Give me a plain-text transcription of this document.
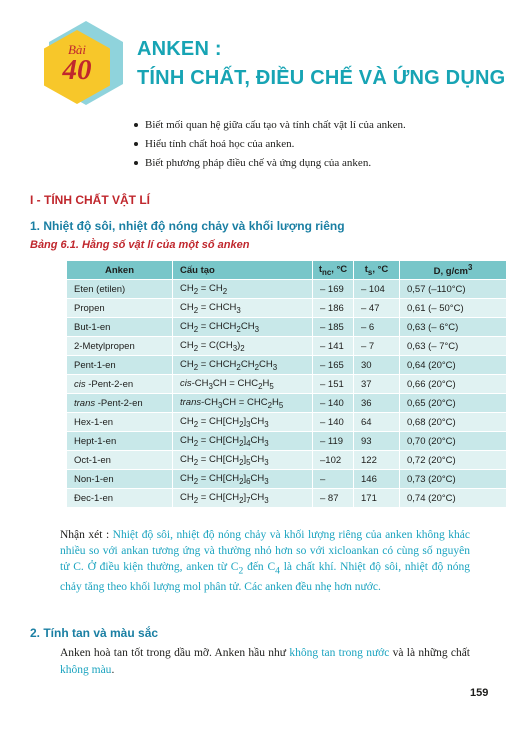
Bài
40
ANKEN :
TÍNH CHẤT, ĐIỀU CHẾ VÀ ỨNG DỤNG
Biết mối quan hệ giữa cấu tạo và tính chất vật lí của anken.
Hiểu tính chất hoá học của anken.
Biết phương pháp điều chế và ứng dụng của anken.
I - TÍNH CHẤT VẬT LÍ
1. Nhiệt độ sôi, nhiệt độ nóng chảy và khối lượng riêng
Bảng 6.1. Hằng số vật lí của một số anken
Anken	Cấu tạo	$t_{nc}$, °C	$t_s$, °C	D, $g/cm^3$
Eten (etilen)	$CH_2 = CH_2$	– 169	– 104	0,57 (–110°C)
Propen	$CH_2$ = $CHCH_3$	– 186	– 47	0,61 (– 50°C)
But-1-en	$CH_2$ = $CHCH_2CH_3$	– 185	– 6	0,63 (– 6°C)
2-Metylpropen	$CH_2 = C(CH_3)_2$	– 141	– 7	0,63 (– 7°C)
Pent-1-en	$CH_2$ = $CHCH_2CH_2CH_3$	– 165	30	0,64 (20°C)
cis -Pent-2-en	cis-$CH_3CH = CHC_2H_5$	– 151	37	0,66 (20°C)
trans -Pent-2-en	trans-$CH_3CH = CHC_2H_5$	– 140	36	0,65 (20°C)
Hex-1-en	$CH_2 = CH[CH_2]_3CH_3$	– 140	64	0,68 (20°C)
Hept-1-en	$CH_2 = CH[CH_2]_4CH_3$	– 119	93	0,70 (20°C)
Oct-1-en	$CH_2 = CH[CH_2]_5CH_3$	–102	122	0,72 (20°C)
Non-1-en	$CH_2 = CH[CH_2]_6CH_3$	–	146	0,73 (20°C)
Đec-1-en	$CH_2 = CH[CH_2]_7CH_3$	– 87	171	0,74 (20°C)
Nhận xét : Nhiệt độ sôi, nhiệt độ nóng chảy và khối lượng riêng của anken không khác nhiều so với ankan tương ứng và thường nhỏ hơn so với xicloankan có cùng số nguyên tử C. Ở điều kiện thường, anken từ $C_2$ đến $C_4$ là chất khí. Nhiệt độ sôi, nhiệt độ nóng chảy tăng theo khối lượng mol phân tử. Các anken đều nhẹ hơn nước.
2. Tính tan và màu sắc
Anken hoà tan tốt trong dầu mỡ. Anken hầu như không tan trong nước và là những chất không màu.
159
